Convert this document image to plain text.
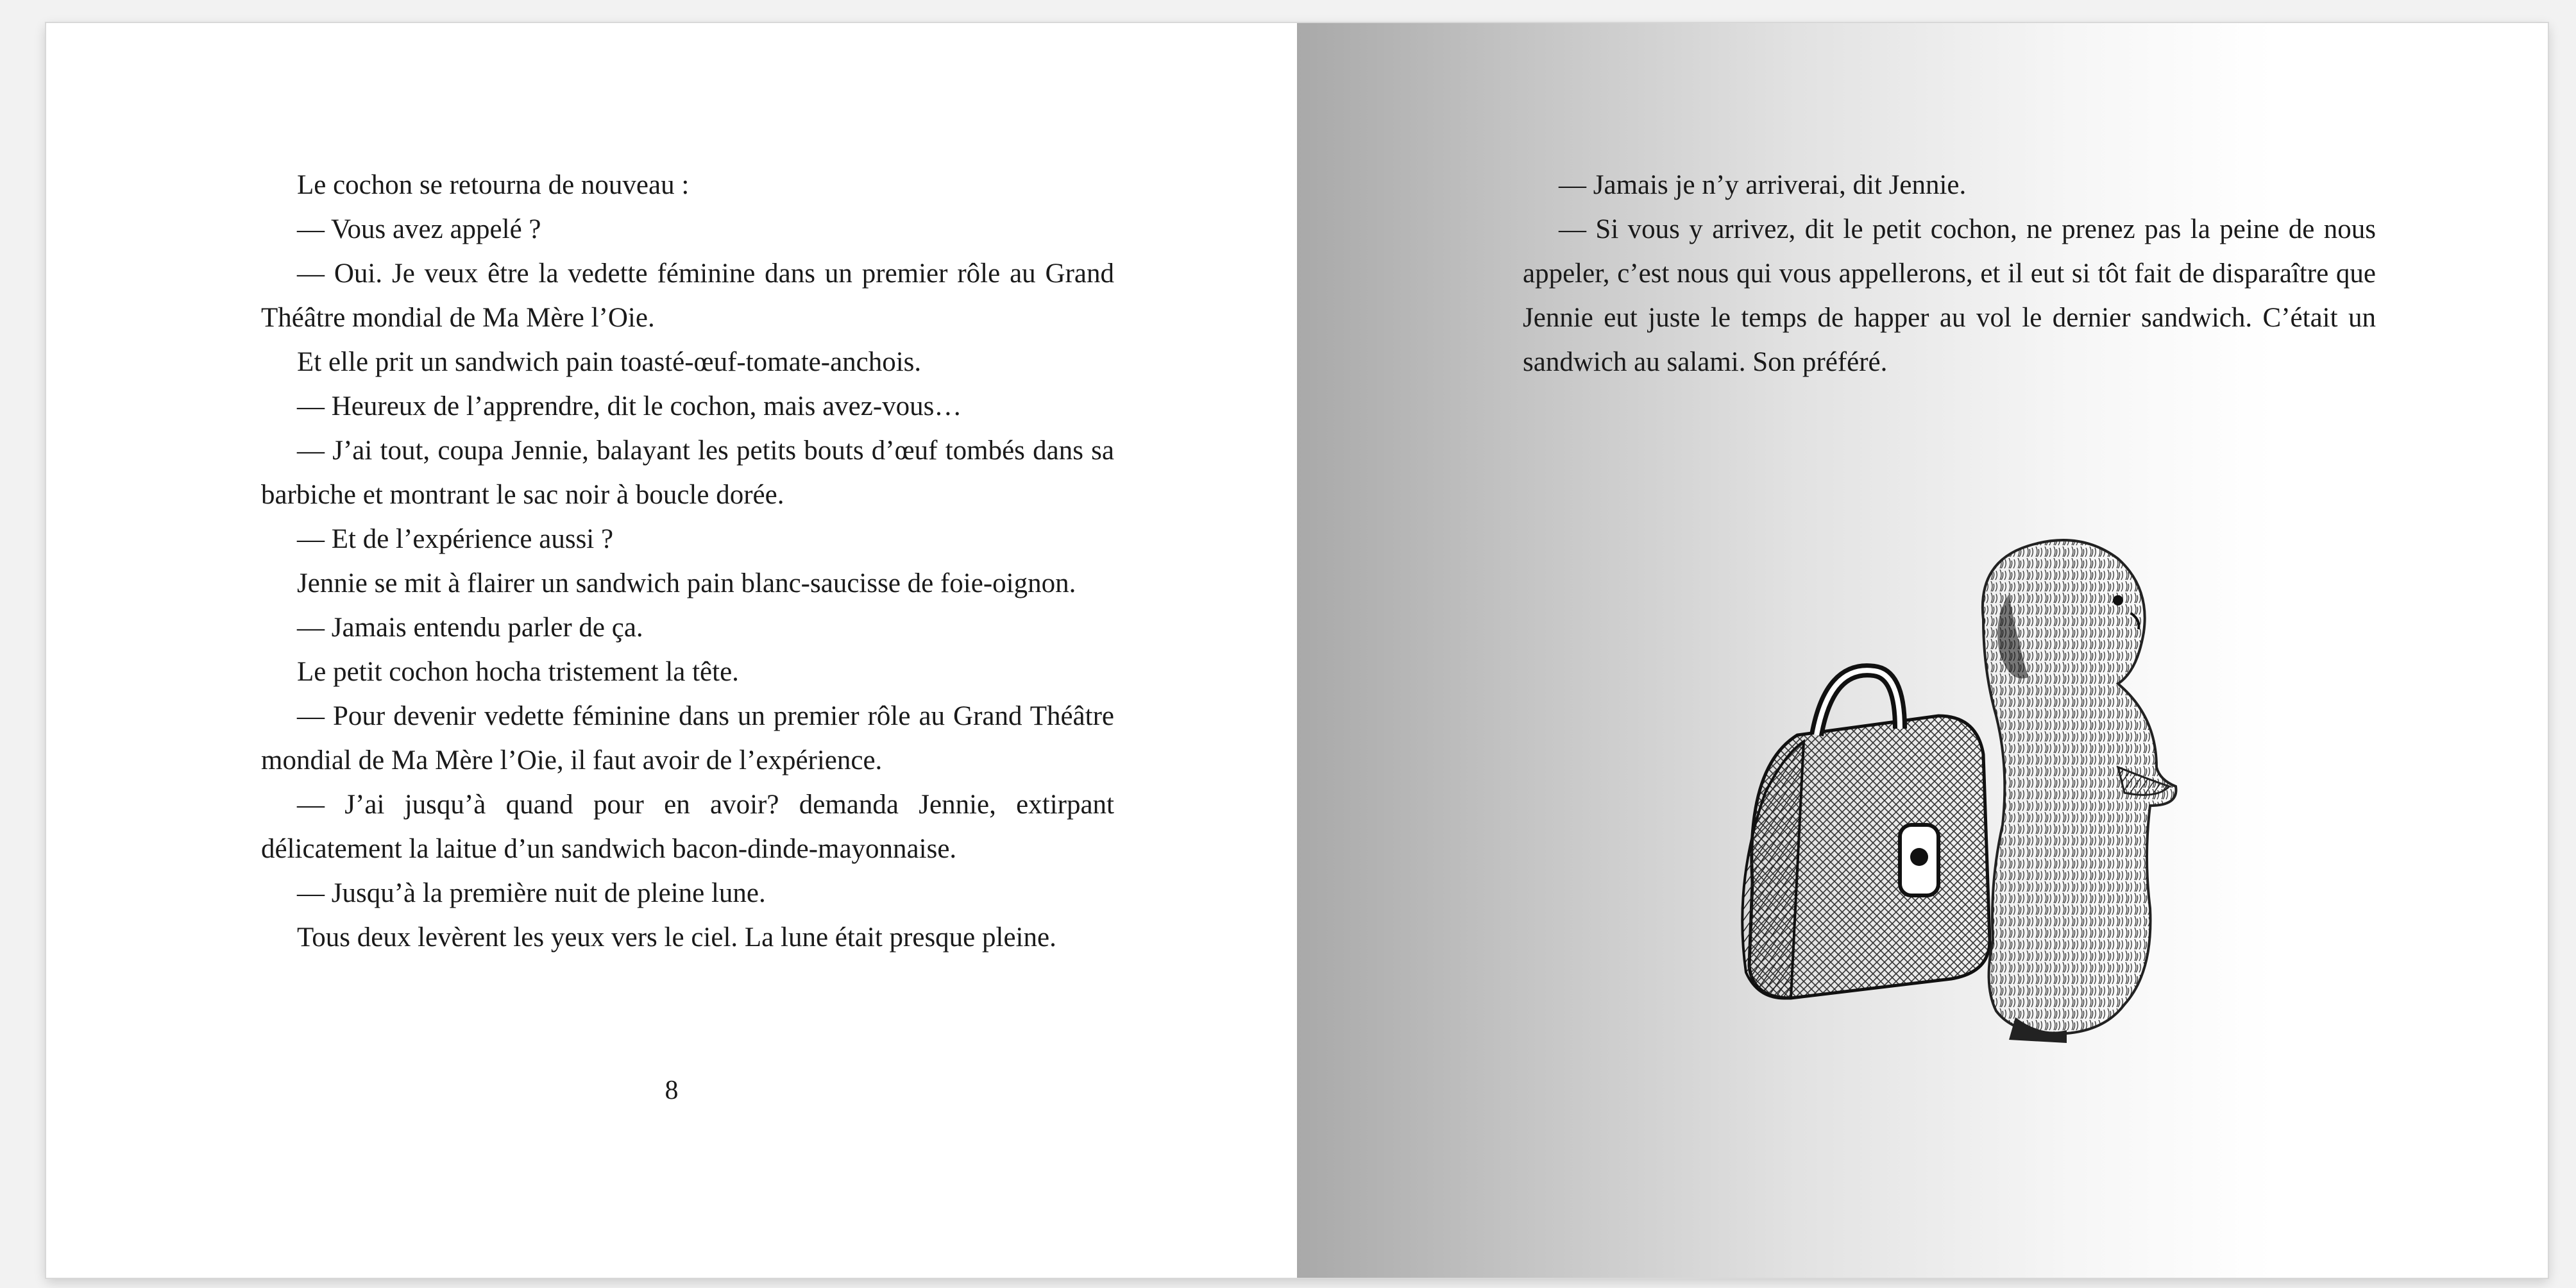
Le cochon se retourna de nouveau :

— Vous avez appelé ?

— Oui. Je veux être la vedette féminine dans un premier rôle au Grand Théâtre mondial de Ma Mère l’Oie.

Et elle prit un sandwich pain toasté-œuf-tomate-anchois.

— Heureux de l’apprendre, dit le cochon, mais avez-vous…

— J’ai tout, coupa Jennie, balayant les petits bouts d’œuf tombés dans sa barbiche et montrant le sac noir à boucle dorée.

— Et de l’expérience aussi ?

Jennie se mit à flairer un sandwich pain blanc-saucisse de foie-oignon.

— Jamais entendu parler de ça.

Le petit cochon hocha tristement la tête.

— Pour devenir vedette féminine dans un premier rôle au Grand Théâtre mondial de Ma Mère l’Oie, il faut avoir de l’expérience.

— J’ai jusqu’à quand pour en avoir? demanda Jennie, extirpant délicatement la laitue d’un sandwich bacon-dinde-mayonnaise.

— Jusqu’à la première nuit de pleine lune.

Tous deux levèrent les yeux vers le ciel. La lune était presque pleine.

8

— Jamais je n’y arriverai, dit Jennie.

— Si vous y arrivez, dit le petit cochon, ne prenez pas la peine de nous appeler, c’est nous qui vous appellerons, et il eut si tôt fait de disparaître que Jennie eut juste le temps de happer au vol le dernier sandwich. C’était un sandwich au salami. Son préféré.
